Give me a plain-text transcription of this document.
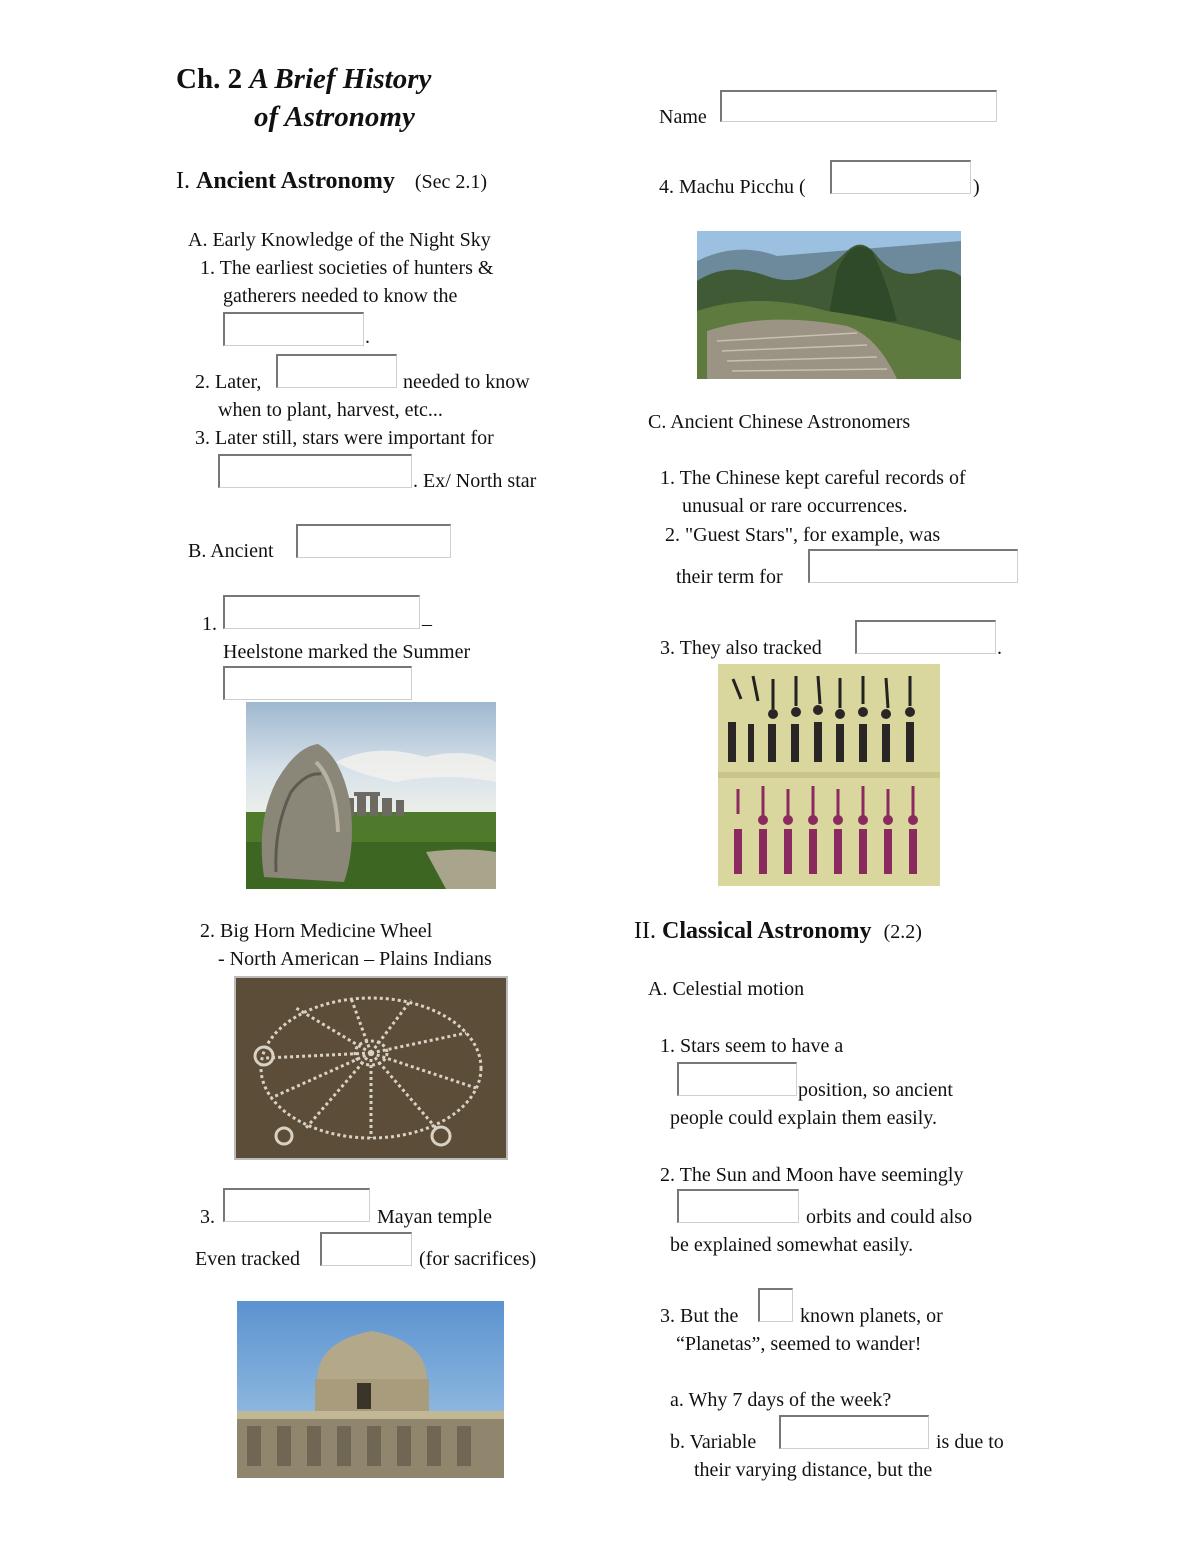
Ch. 2 A Brief History
of Astronomy	Name
I. Ancient Astronomy (Sec 2.1)
A. Early Knowledge of the Night Sky
1. The earliest societies of hunters &
gatherers needed to know the
.
2. Later,	needed to know
when to plant, harvest, etc...
3. Later still, stars were important for
. Ex/ North star
B. Ancient
1.	–
Heelstone marked the Summer
2. Big Horn Medicine Wheel
- North American – Plains Indians
3.	Mayan temple
Even tracked	(for sacrifices)
4. Machu Picchu (	)
C. Ancient Chinese Astronomers
1. The Chinese kept careful records of
unusual or rare occurrences.
2. "Guest Stars", for example, was
their term for
3. They also tracked	.
II. Classical Astronomy (2.2)
A. Celestial motion
1. Stars seem to have a
position, so ancient
people could explain them easily.
2. The Sun and Moon have seemingly
orbits and could also
be explained somewhat easily.
3. But the	known planets, or
“Planetas”, seemed to wander!
a. Why 7 days of the week?
b. Variable	is due to
their varying distance, but the
